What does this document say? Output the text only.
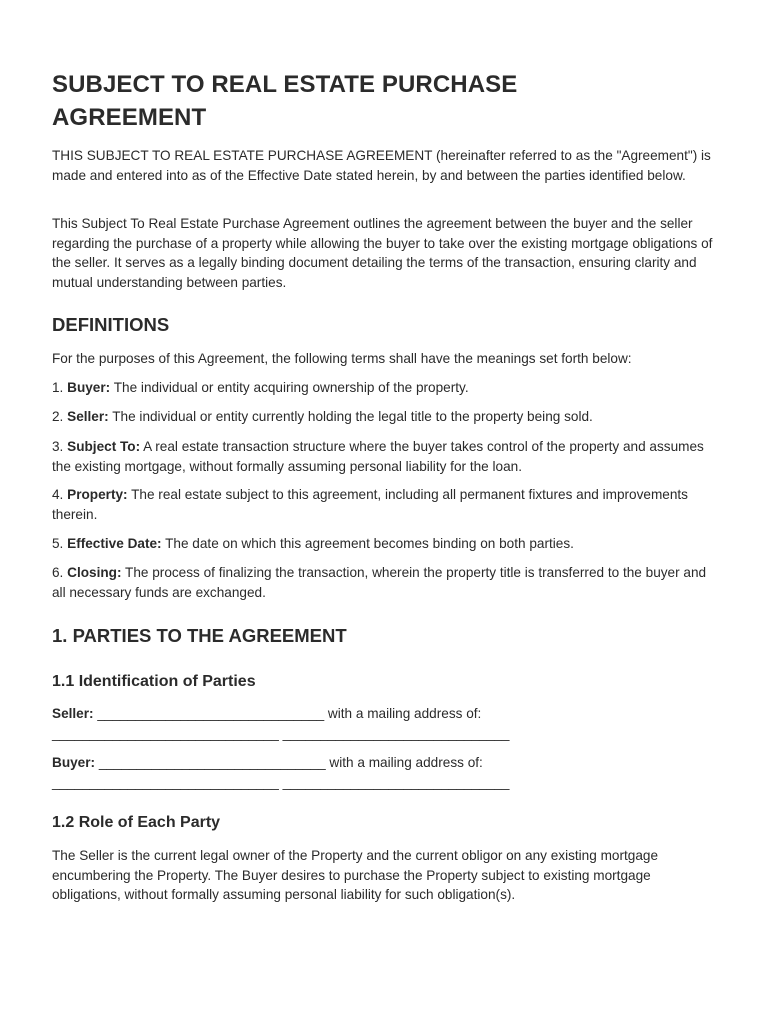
SUBJECT TO REAL ESTATE PURCHASE AGREEMENT

THIS SUBJECT TO REAL ESTATE PURCHASE AGREEMENT (hereinafter referred to as the "Agreement") is made and entered into as of the Effective Date stated herein, by and between the parties identified below.

This Subject To Real Estate Purchase Agreement outlines the agreement between the buyer and the seller regarding the purchase of a property while allowing the buyer to take over the existing mortgage obligations of the seller. It serves as a legally binding document detailing the terms of the transaction, ensuring clarity and mutual understanding between parties.

DEFINITIONS

For the purposes of this Agreement, the following terms shall have the meanings set forth below:

1. Buyer: The individual or entity acquiring ownership of the property.

2. Seller: The individual or entity currently holding the legal title to the property being sold.

3. Subject To: A real estate transaction structure where the buyer takes control of the property and assumes the existing mortgage, without formally assuming personal liability for the loan.

4. Property: The real estate subject to this agreement, including all permanent fixtures and improvements therein.

5. Effective Date: The date on which this agreement becomes binding on both parties.

6. Closing: The process of finalizing the transaction, wherein the property title is transferred to the buyer and all necessary funds are exchanged.

1. PARTIES TO THE AGREEMENT
1.1 Identification of Parties

Seller: ______________________________ with a mailing address of:

______________________________ ______________________________

Buyer: ______________________________ with a mailing address of:

______________________________ ______________________________

1.2 Role of Each Party

The Seller is the current legal owner of the Property and the current obligor on any existing mortgage encumbering the Property. The Buyer desires to purchase the Property subject to existing mortgage obligations, without formally assuming personal liability for such obligation(s).
